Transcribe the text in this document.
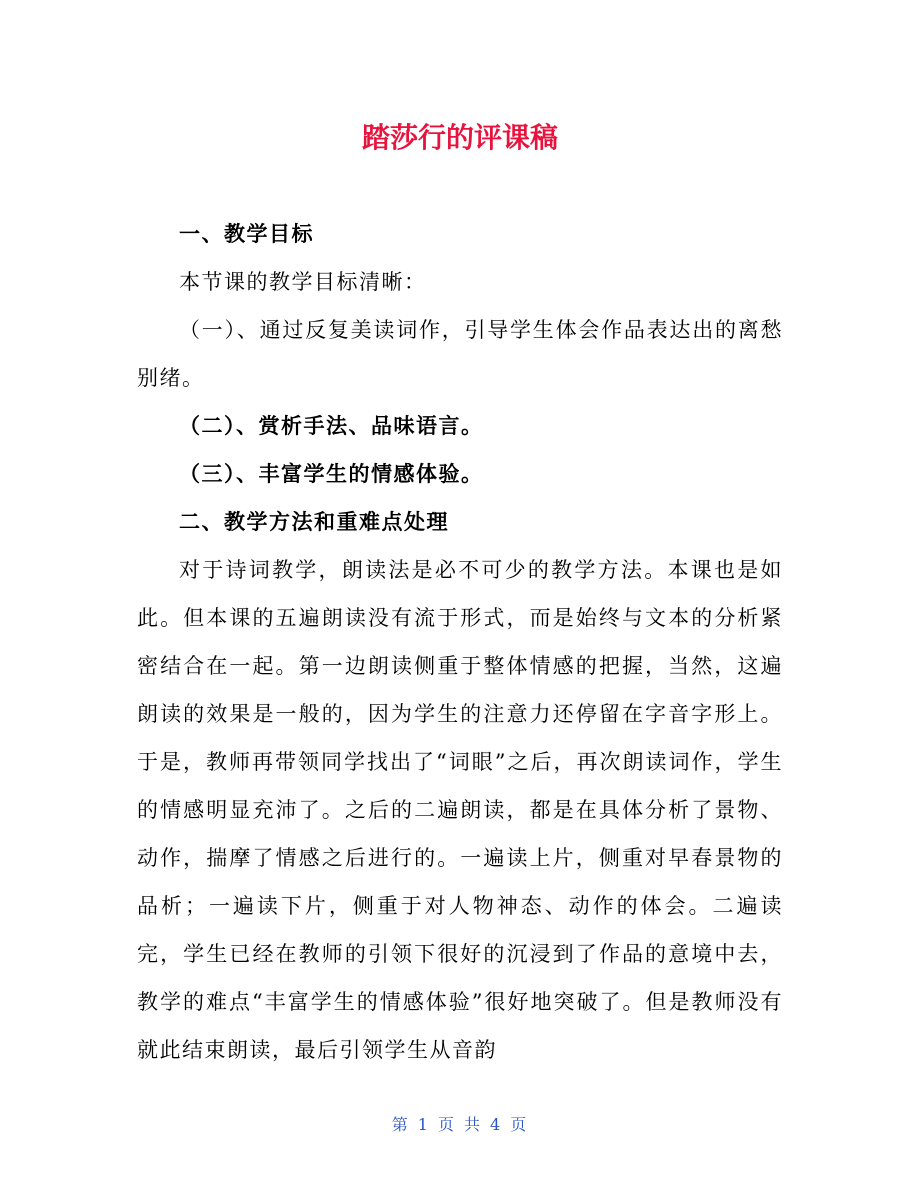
踏莎行的评课稿

一、教学目标

本节课的教学目标清晰：

（一）、通过反复美读词作，引导学生体会作品表达出的离愁别绪。

（二）、赏析手法、品味语言。

（三）、丰富学生的情感体验。

二、教学方法和重难点处理

对于诗词教学，朗读法是必不可少的教学方法。本课也是如此。但本课的五遍朗读没有流于形式，而是始终与文本的分析紧密结合在一起。第一边朗读侧重于整体情感的把握，当然，这遍朗读的效果是一般的，因为学生的注意力还停留在字音字形上。于是，教师再带领同学找出了“词眼”之后，再次朗读词作，学生的情感明显充沛了。之后的二遍朗读，都是在具体分析了景物、动作，揣摩了情感之后进行的。一遍读上片，侧重对早春景物的品析；一遍读下片，侧重于对人物神态、动作的体会。二遍读完，学生已经在教师的引领下很好的沉浸到了作品的意境中去，教学的难点“丰富学生的情感体验”很好地突破了。但是教师没有就此结束朗读，最后引领学生从音韵

第 1 页 共 4 页
